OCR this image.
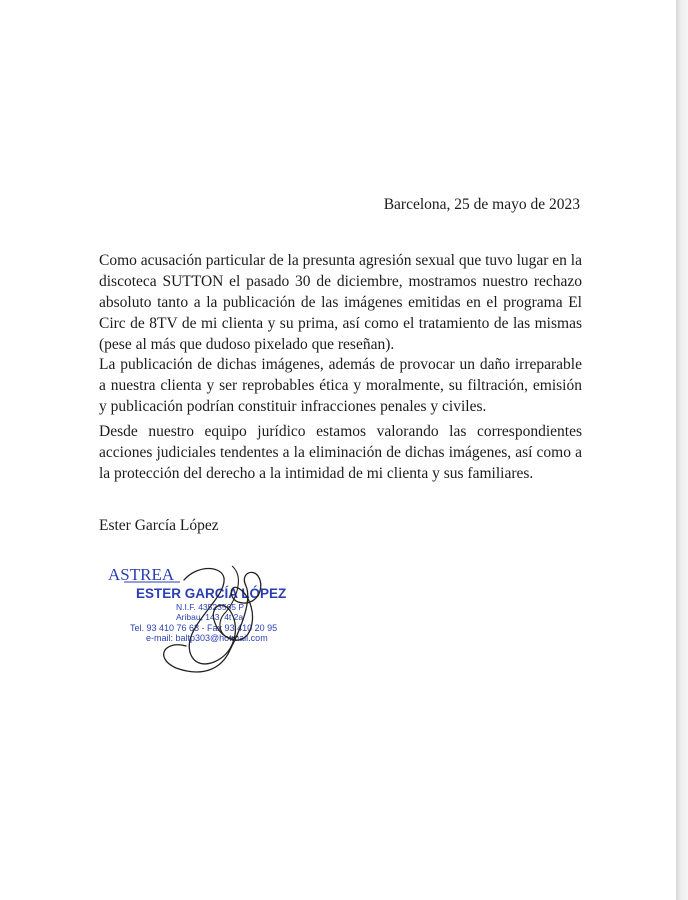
Barcelona, 25 de mayo de 2023

Como acusación particular de la presunta agresión sexual que tuvo lugar en la discoteca SUTTON el pasado 30 de diciembre, mostramos nuestro rechazo absoluto tanto a la publicación de las imágenes emitidas en el programa El Circ de 8TV de mi clienta y su prima, así como el tratamiento de las mismas (pese al más que dudoso pixelado que reseñan).

La publicación de dichas imágenes, además de provocar un daño irreparable a nuestra clienta y ser reprobables ética y moralmente, su filtración, emisión y publicación podrían constituir infracciones penales y civiles.

Desde nuestro equipo jurídico estamos valorando las correspondientes acciones judiciales tendentes a la eliminación de dichas imágenes, así como a la protección del derecho a la intimidad de mi clienta y sus familiares.

Ester García López
ASTREA
ESTER GARCÍA LÓPEZ
N.I.F. 43523565 P
Aribau, 143, 4t 2a
Tel. 93 410 76 68 - Fax 93 410 20 95
e-mail: baltp303@hotmail.com
